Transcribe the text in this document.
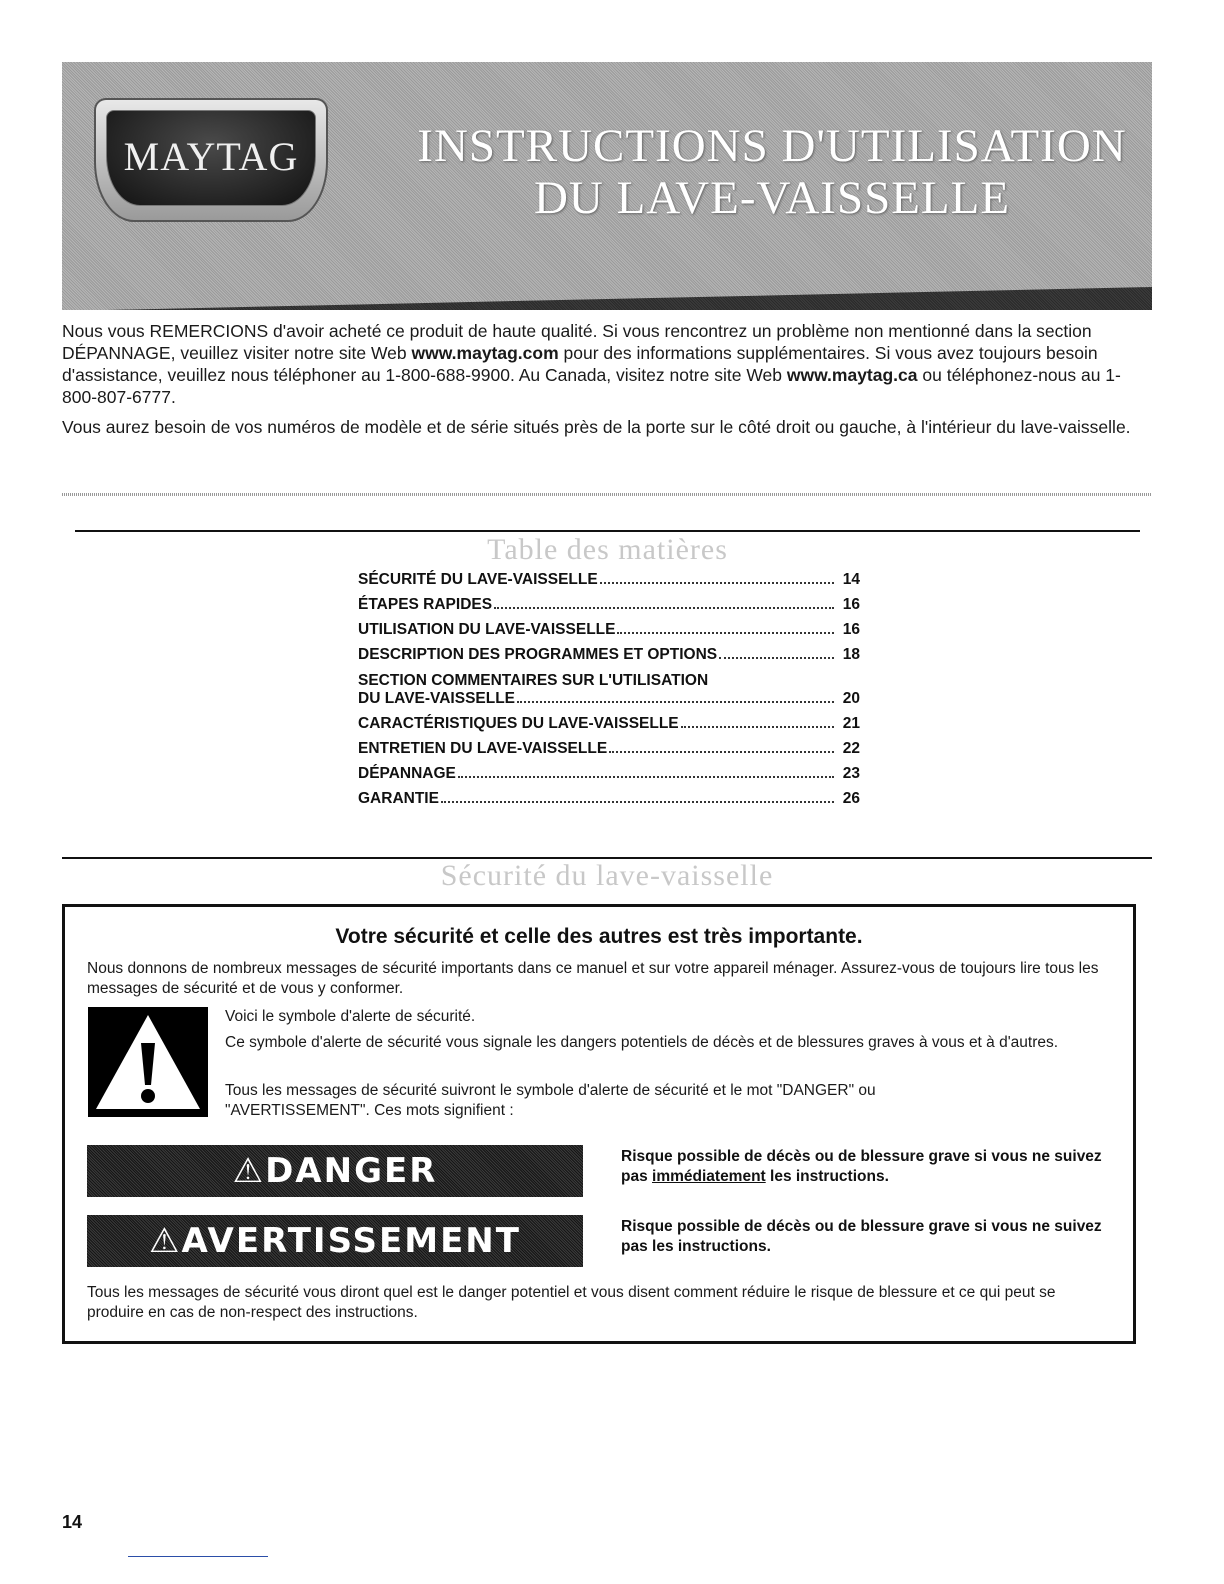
INSTRUCTIONS D'UTILISATION
DU LAVE-VAISSELLE
MAYTAG
Nous vous REMERCIONS d'avoir acheté ce produit de haute qualité. Si vous rencontrez un problème non mentionné dans la section DÉPANNAGE, veuillez visiter notre site Web www.maytag.com pour des informations supplémentaires. Si vous avez toujours besoin d'assistance, veuillez nous téléphoner au 1-800-688-9900. Au Canada, visitez notre site Web www.maytag.ca ou téléphonez-nous au 1-800-807-6777.
Vous aurez besoin de vos numéros de modèle et de série situés près de la porte sur le côté droit ou gauche, à l'intérieur du lave-vaisselle.
Table des matières
SÉCURITÉ DU LAVE-VAISSELLE	14
ÉTAPES RAPIDES	16
UTILISATION DU LAVE-VAISSELLE	16
DESCRIPTION DES PROGRAMMES ET OPTIONS	18
SECTION COMMENTAIRES SUR L'UTILISATION
DU LAVE-VAISSELLE	20
CARACTÉRISTIQUES DU LAVE-VAISSELLE	21
ENTRETIEN DU LAVE-VAISSELLE	22
DÉPANNAGE	23
GARANTIE	26
Sécurité du lave-vaisselle
Votre sécurité et celle des autres est très importante.
Nous donnons de nombreux messages de sécurité importants dans ce manuel et sur votre appareil ménager. Assurez-vous de toujours lire tous les messages de sécurité et de vous y conformer.
Voici le symbole d'alerte de sécurité.
Ce symbole d'alerte de sécurité vous signale les dangers potentiels de décès et de blessures graves à vous et à d'autres.
Tous les messages de sécurité suivront le symbole d'alerte de sécurité et le mot "DANGER" ou "AVERTISSEMENT". Ces mots signifient :
⚠DANGER	Risque possible de décès ou de blessure grave si vous ne suivez pas immédiatement les instructions.
⚠AVERTISSEMENT	Risque possible de décès ou de blessure grave si vous ne suivez pas les instructions.
Tous les messages de sécurité vous diront quel est le danger potentiel et vous disent comment réduire le risque de blessure et ce qui peut se produire en cas de non-respect des instructions.
14
